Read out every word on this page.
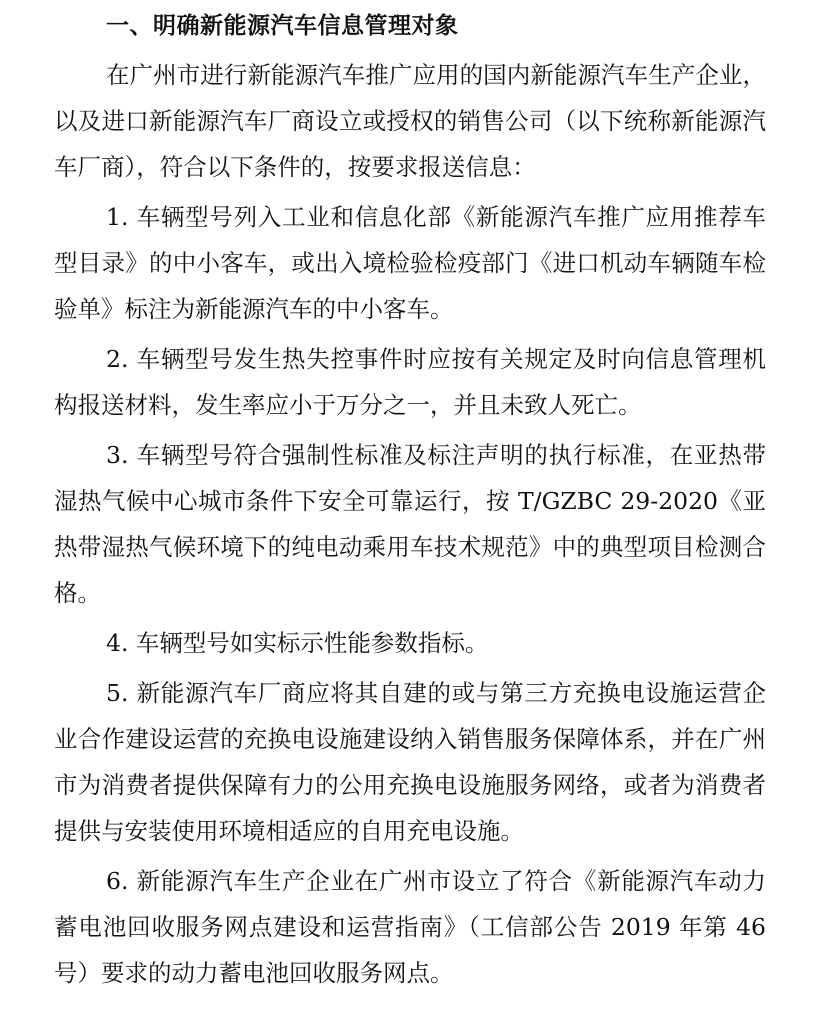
一、明确新能源汽车信息管理对象

在广州市进行新能源汽车推广应用的国内新能源汽车生产企业，以及进口新能源汽车厂商设立或授权的销售公司（以下统称新能源汽车厂商），符合以下条件的，按要求报送信息：

1. 车辆型号列入工业和信息化部《新能源汽车推广应用推荐车型目录》的中小客车，或出入境检验检疫部门《进口机动车辆随车检验单》标注为新能源汽车的中小客车。

2. 车辆型号发生热失控事件时应按有关规定及时向信息管理机构报送材料，发生率应小于万分之一，并且未致人死亡。

3. 车辆型号符合强制性标准及标注声明的执行标准，在亚热带湿热气候中心城市条件下安全可靠运行，按 T/GZBC 29-2020《亚热带湿热气候环境下的纯电动乘用车技术规范》中的典型项目检测合格。

4. 车辆型号如实标示性能参数指标。

5. 新能源汽车厂商应将其自建的或与第三方充换电设施运营企业合作建设运营的充换电设施建设纳入销售服务保障体系，并在广州市为消费者提供保障有力的公用充换电设施服务网络，或者为消费者提供与安装使用环境相适应的自用充电设施。

6. 新能源汽车生产企业在广州市设立了符合《新能源汽车动力蓄电池回收服务网点建设和运营指南》（工信部公告 2019 年第 46 号）要求的动力蓄电池回收服务网点。
